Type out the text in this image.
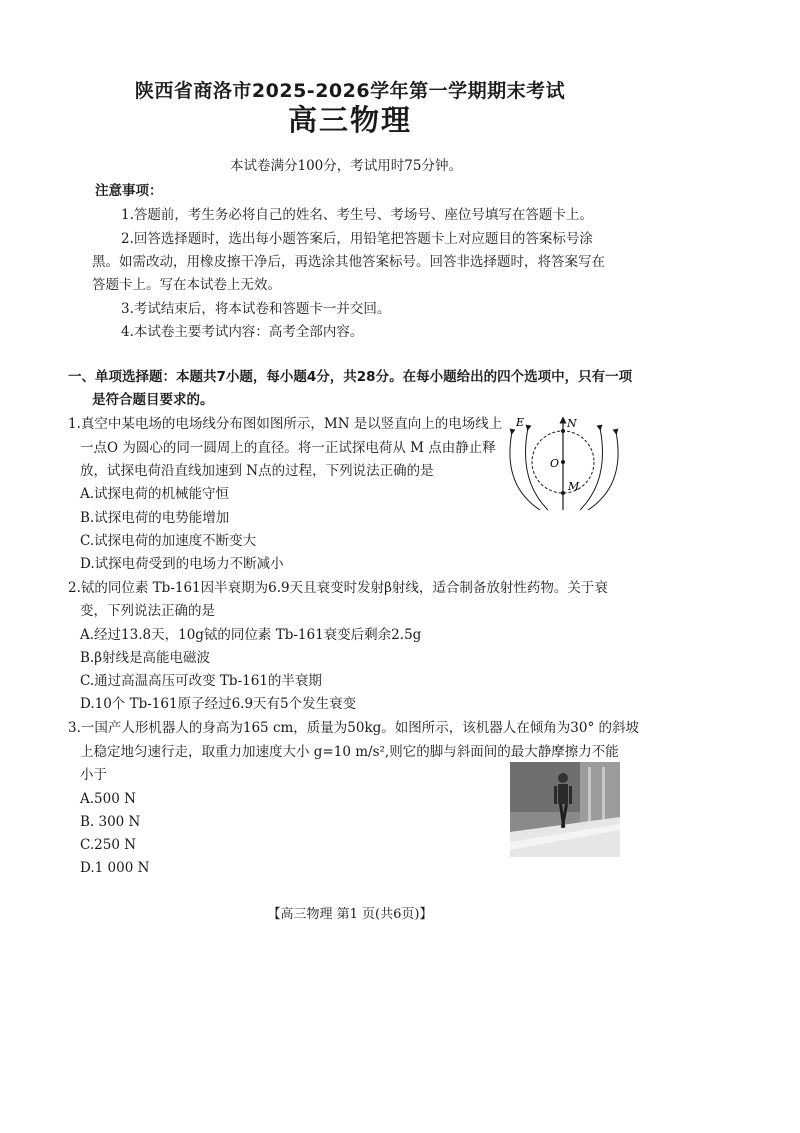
陕西省商洛市2025-2026学年第一学期期末考试
高三物理
本试卷满分100分，考试用时75分钟。
注意事项：
1.答题前，考生务必将自己的姓名、考生号、考场号、座位号填写在答题卡上。
2.回答选择题时，选出每小题答案后，用铅笔把答题卡上对应题目的答案标号涂
黑。如需改动，用橡皮擦干净后，再选涂其他答案标号。回答非选择题时，将答案写在
答题卡上。写在本试卷上无效。
3.考试结束后，将本试卷和答题卡一并交回。
4.本试卷主要考试内容：高考全部内容。
一、单项选择题：本题共7小题，每小题4分，共28分。在每小题给出的四个选项中，只有一项
是符合题目要求的。
1.真空中某电场的电场线分布图如图所示，MN 是以竖直向上的电场线上
一点O 为圆心的同一圆周上的直径。将一正试探电荷从 M 点由静止释
放，试探电荷沿直线加速到 N点的过程，下列说法正确的是
A.试探电荷的机械能守恒
B.试探电荷的电势能增加
C.试探电荷的加速度不断变大
D.试探电荷受到的电场力不断减小
E	N
O
M
2.铽的同位素 Tb-161因半衰期为6.9天且衰变时发射β射线，适合制备放射性药物。关于衰
变，下列说法正确的是
A.经过13.8天，10g铽的同位素 Tb-161衰变后剩余2.5g
B.β射线是高能电磁波
C.通过高温高压可改变 Tb-161的半衰期
D.10个 Tb-161原子经过6.9天有5个发生衰变
3.一国产人形机器人的身高为165 cm，质量为50kg。如图所示，该机器人在倾角为30° 的斜坡
上稳定地匀速行走，取重力加速度大小 g=10 m/s²,则它的脚与斜面间的最大静摩擦力不能
小于
A.500 N
B. 300 N
C.250 N
D.1 000 N
【高三物理 第1 页(共6页)】
